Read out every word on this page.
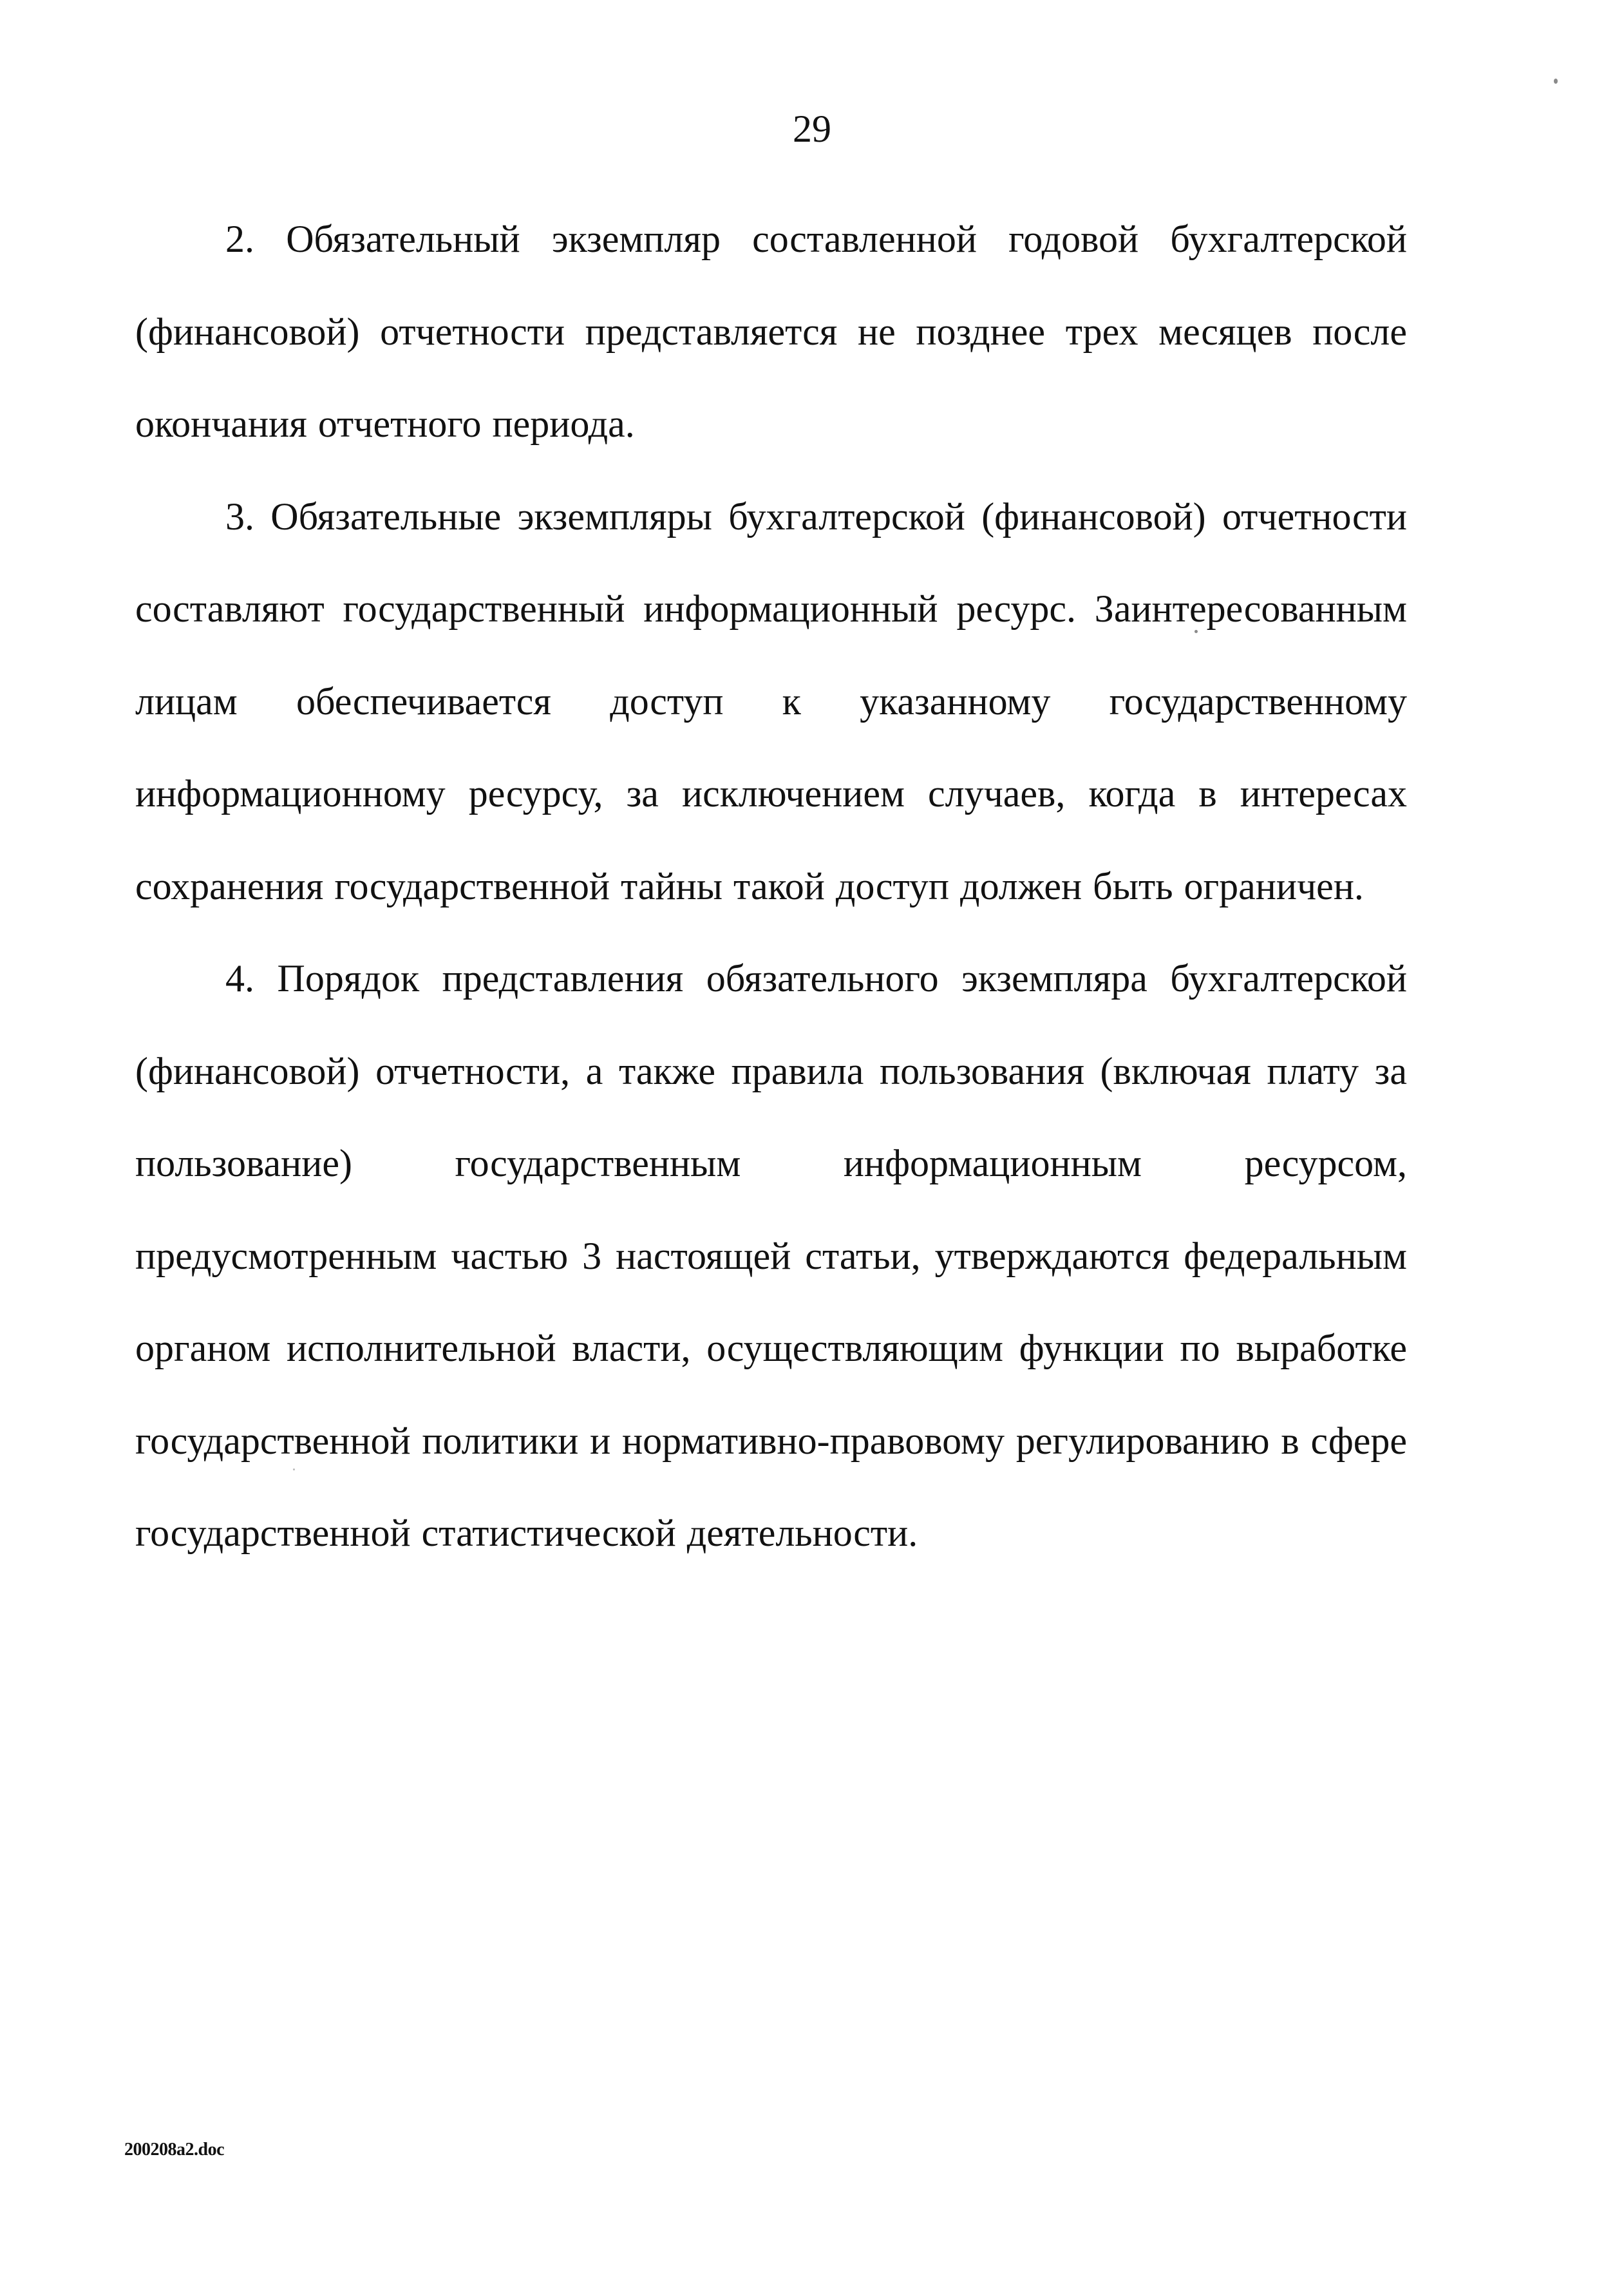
29

2. Обязательный экземпляр составленной годовой бухгалтерской (финансовой) отчетности представляется не позднее трех месяцев после окончания отчетного периода.

3. Обязательные экземпляры бухгалтерской (финансовой) отчетности составляют государственный информационный ресурс. Заинтересованным лицам обеспечивается доступ к указанному государственному информационному ресурсу, за исключением случаев, когда в интересах сохранения государственной тайны такой доступ должен быть ограничен.

4. Порядок представления обязательного экземпляра бухгалтерской (финансовой) отчетности, а также правила пользования (включая плату за пользование) государственным информационным ресурсом, предусмотренным частью 3 настоящей статьи, утверждаются федеральным органом исполнительной власти, осуществляющим функции по выработке государственной политики и нормативно-правовому регулированию в сфере государственной статистической деятельности.

200208a2.doc
